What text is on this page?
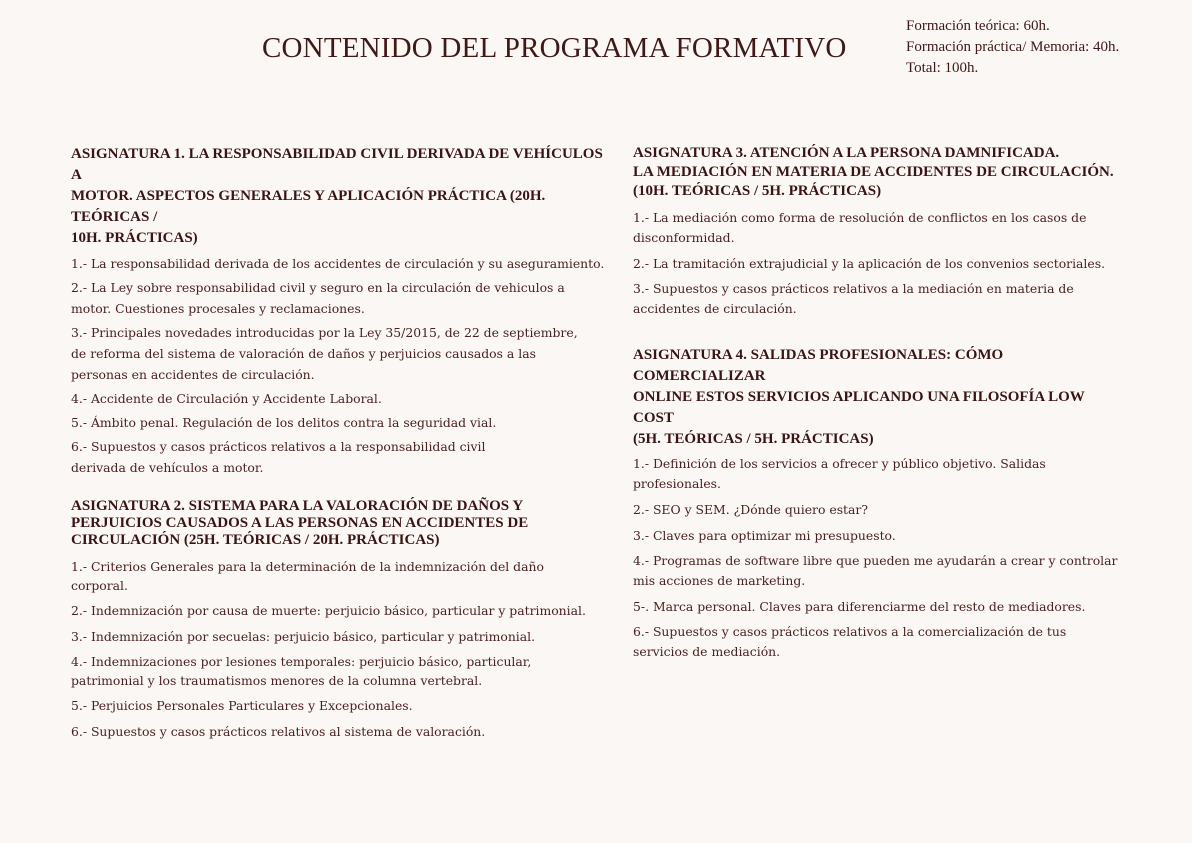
CONTENIDO DEL PROGRAMA FORMATIVO
Formación teórica: 60h.
Formación práctica/ Memoria: 40h.
Total: 100h.
ASIGNATURA 1. LA RESPONSABILIDAD CIVIL DERIVADA DE VEHÍCULOS A
MOTOR. ASPECTOS GENERALES Y APLICACIÓN PRÁCTICA (20H. TEÓRICAS /
10H. PRÁCTICAS)
1.- La responsabilidad derivada de los accidentes de circulación y su aseguramiento.
2.- La Ley sobre responsabilidad civil y seguro en la circulación de vehiculos a
motor. Cuestiones procesales y reclamaciones.
3.- Principales novedades introducidas por la Ley 35/2015, de 22 de septiembre,
de reforma del sistema de valoración de daños y perjuicios causados a las
personas en accidentes de circulación.
4.- Accidente de Circulación y Accidente Laboral.
5.- Ámbito penal. Regulación de los delitos contra la seguridad vial.
6.- Supuestos y casos prácticos relativos a la responsabilidad civil
derivada de vehículos a motor.
ASIGNATURA 2. SISTEMA PARA LA VALORACIÓN DE DAÑOS Y
PERJUICIOS CAUSADOS A LAS PERSONAS EN ACCIDENTES DE
CIRCULACIÓN (25H. TEÓRICAS / 20H. PRÁCTICAS)
1.- Criterios Generales para la determinación de la indemnización del daño
corporal.
2.- Indemnización por causa de muerte: perjuicio básico, particular y patrimonial.
3.- Indemnización por secuelas: perjuicio básico, particular y patrimonial.
4.- Indemnizaciones por lesiones temporales: perjuicio básico, particular,
patrimonial y los traumatismos menores de la columna vertebral.
5.- Perjuicios Personales Particulares y Excepcionales.
6.- Supuestos y casos prácticos relativos al sistema de valoración.
ASIGNATURA 3. ATENCIÓN A LA PERSONA DAMNIFICADA.
LA MEDIACIÓN EN MATERIA DE ACCIDENTES DE CIRCULACIÓN.
(10H. TEÓRICAS / 5H. PRÁCTICAS)
1.- La mediación como forma de resolución de conflictos en los casos de
disconformidad.
2.- La tramitación extrajudicial y la aplicación de los convenios sectoriales.
3.- Supuestos y casos prácticos relativos a la mediación en materia de
accidentes de circulación.
ASIGNATURA 4. SALIDAS PROFESIONALES: CÓMO COMERCIALIZAR
ONLINE ESTOS SERVICIOS APLICANDO UNA FILOSOFÍA LOW COST
(5H. TEÓRICAS / 5H. PRÁCTICAS)
1.- Definición de los servicios a ofrecer y público objetivo. Salidas
profesionales.
2.- SEO y SEM. ¿Dónde quiero estar?
3.- Claves para optimizar mi presupuesto.
4.- Programas de software libre que pueden me ayudarán a crear y controlar
mis acciones de marketing.
5-. Marca personal. Claves para diferenciarme del resto de mediadores.
6.- Supuestos y casos prácticos relativos a la comercialización de tus
servicios de mediación.
